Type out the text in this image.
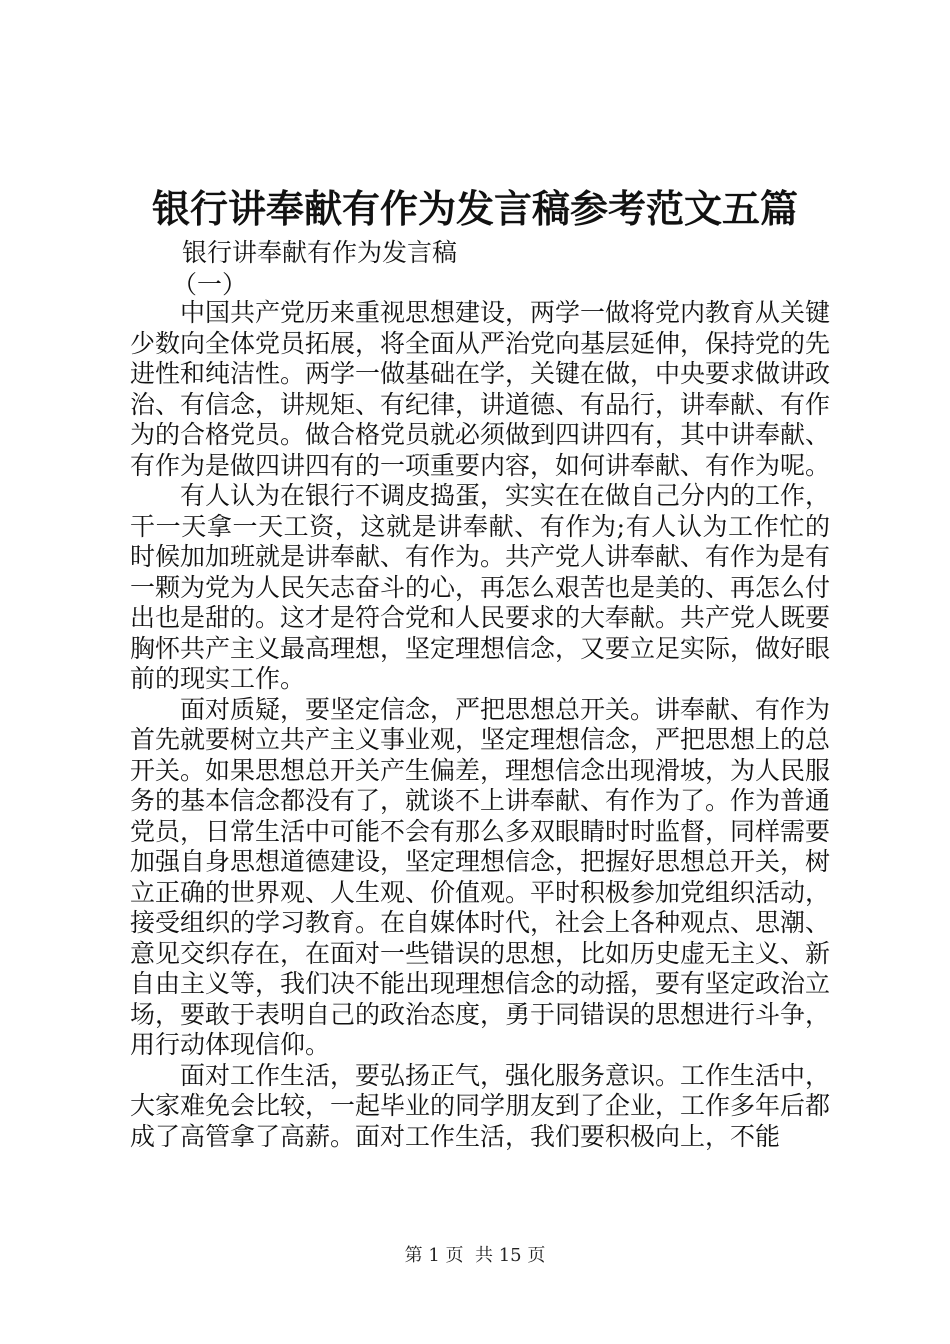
银行讲奉献有作为发言稿参考范文五篇
银行讲奉献有作为发言稿
（一）

中国共产党历来重视思想建设，两学一做将党内教育从关键少数向全体党员拓展，将全面从严治党向基层延伸，保持党的先进性和纯洁性。两学一做基础在学，关键在做，中央要求做讲政治、有信念，讲规矩、有纪律，讲道德、有品行，讲奉献、有作为的合格党员。做合格党员就必须做到四讲四有，其中讲奉献、有作为是做四讲四有的一项重要内容，如何讲奉献、有作为呢。

有人认为在银行不调皮捣蛋，实实在在做自己分内的工作，干一天拿一天工资，这就是讲奉献、有作为;有人认为工作忙的时候加加班就是讲奉献、有作为。共产党人讲奉献、有作为是有一颗为党为人民矢志奋斗的心，再怎么艰苦也是美的、再怎么付出也是甜的。这才是符合党和人民要求的大奉献。共产党人既要胸怀共产主义最高理想，坚定理想信念，又要立足实际，做好眼前的现实工作。

面对质疑，要坚定信念，严把思想总开关。讲奉献、有作为首先就要树立共产主义事业观，坚定理想信念，严把思想上的总开关。如果思想总开关产生偏差，理想信念出现滑坡，为人民服务的基本信念都没有了，就谈不上讲奉献、有作为了。作为普通党员，日常生活中可能不会有那么多双眼睛时时监督，同样需要加强自身思想道德建设，坚定理想信念，把握好思想总开关，树立正确的世界观、人生观、价值观。平时积极参加党组织活动，接受组织的学习教育。在自媒体时代，社会上各种观点、思潮、意见交织存在，在面对一些错误的思想，比如历史虚无主义、新自由主义等，我们决不能出现理想信念的动摇，要有坚定政治立场，要敢于表明自己的政治态度，勇于同错误的思想进行斗争，用行动体现信仰。

面对工作生活，要弘扬正气，强化服务意识。工作生活中，大家难免会比较，一起毕业的同学朋友到了企业，工作多年后都成了高管拿了高薪。面对工作生活，我们要积极向上，不能

第 1 页  共 15 页
